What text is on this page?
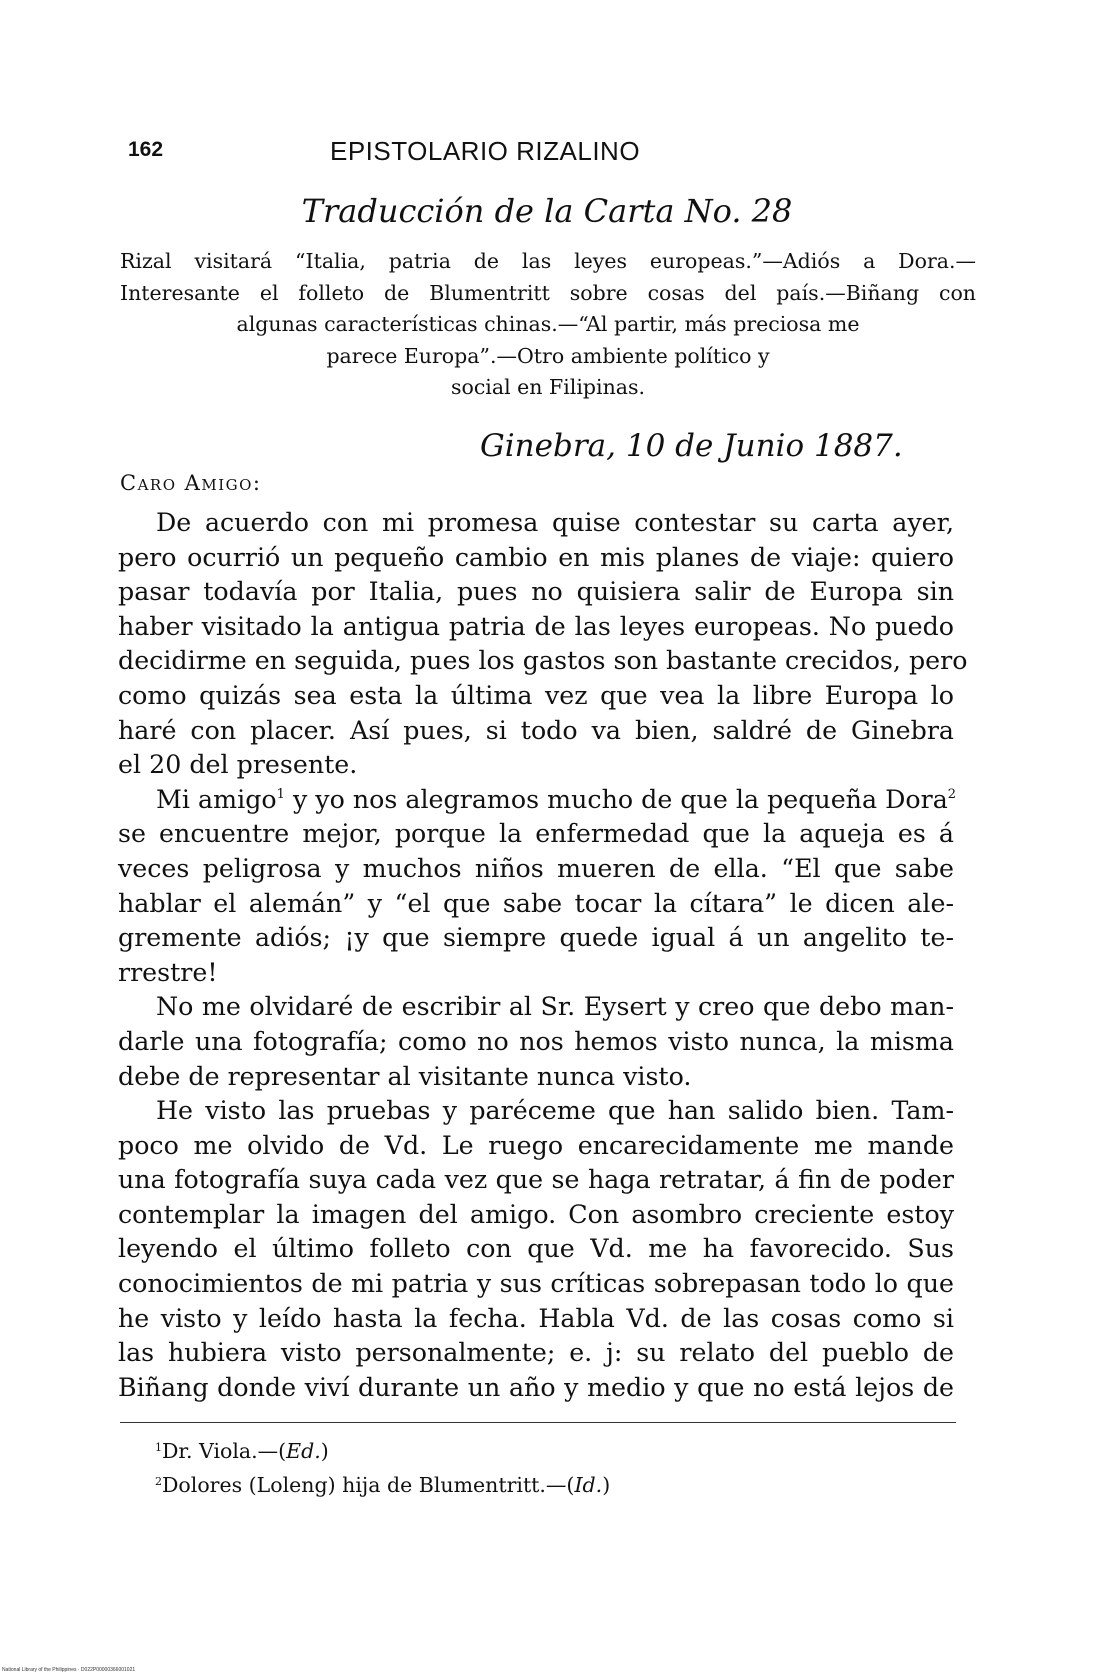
162	EPISTOLARIO RIZALINO
Traducción de la Carta No. 28
Rizal visitará “Italia, patria de las leyes europeas.”—Adiós a Dora.—
Interesante el folleto de Blumentritt sobre cosas del país.—Biñang con
algunas características chinas.—“Al partir, más preciosa me
parece Europa”.—Otro ambiente político y
social en Filipinas.
Ginebra, 10 de Junio 1887.
Caro Amigo:
De acuerdo con mi promesa quise contestar su carta ayer,
pero ocurrió un pequeño cambio en mis planes de viaje: quiero
pasar todavía por Italia, pues no quisiera salir de Europa sin
haber visitado la antigua patria de las leyes europeas. No puedo
decidirme en seguida, pues los gastos son bastante crecidos, pero
como quizás sea esta la última vez que vea la libre Europa lo
haré con placer. Así pues, si todo va bien, saldré de Ginebra
el 20 del presente.
Mi amigo$^1$ y yo nos alegramos mucho de que la pequeña Dora$^2$
se encuentre mejor, porque la enfermedad que la aqueja es á
veces peligrosa y muchos niños mueren de ella. “El que sabe
hablar el alemán” y “el que sabe tocar la cítara” le dicen ale-
gremente adiós; ¡y que siempre quede igual á un angelito te-
rrestre!
No me olvidaré de escribir al Sr. Eysert y creo que debo man-
darle una fotografía; como no nos hemos visto nunca, la misma
debe de representar al visitante nunca visto.
He visto las pruebas y paréceme que han salido bien. Tam-
poco me olvido de Vd. Le ruego encarecidamente me mande
una fotografía suya cada vez que se haga retratar, á fin de poder
contemplar la imagen del amigo. Con asombro creciente estoy
leyendo el último folleto con que Vd. me ha favorecido. Sus
conocimientos de mi patria y sus críticas sobrepasan todo lo que
he visto y leído hasta la fecha. Habla Vd. de las cosas como si
las hubiera visto personalmente; e. j: su relato del pueblo de
Biñang donde viví durante un año y medio y que no está lejos de
$^1$Dr. Viola.—(Ed.)
$^2$Dolores (Loleng) hija de Blumentritt.—(Id.)
National Library of the Philippines · D022P00000366001021
